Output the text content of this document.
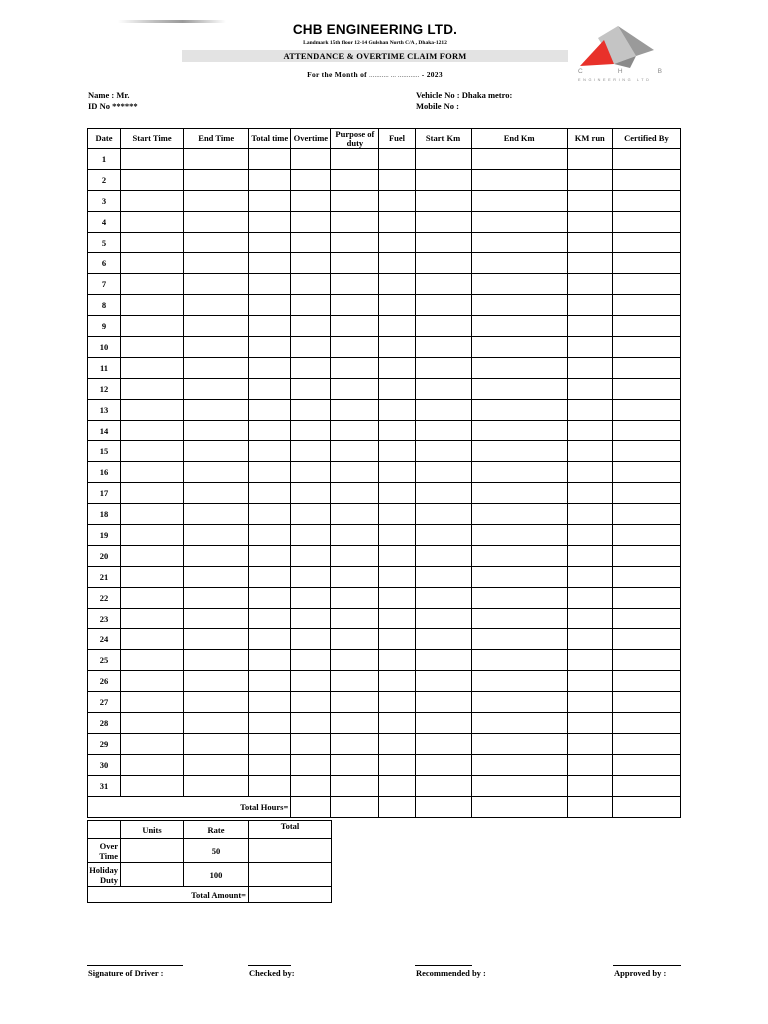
CHB ENGINEERING LTD.
Landmark 15th floor 12-14 Gulshan North C/A , Dhaka-1212
ATTENDANCE & OVERTIME CLAIM FORM
For the Month of ........... ... ............ - 2023	C	H	B
ENGINEERING LTD
Name : Mr.
ID No ******
Vehicle No : Dhaka metro:
Mobile No :
Date	Start Time	End Time	Total time	Overtime	Purpose of duty	Fuel	Start Km	End Km	KM run	Certified By
1										
2										
3										
4										
5										
6										
7										
8										
9										
10										
11										
12										
13										
14										
15										
16										
17										
18										
19										
20										
21										
22										
23										
24										
25										
26										
27										
28										
29										
30										
31										
Total Hours=										
	Units	Rate	Total
Over Time		50	
Holiday Duty		100	
Total Amount=			
Signature of Driver :	Checked by:	Recommended by :	Approved by :
